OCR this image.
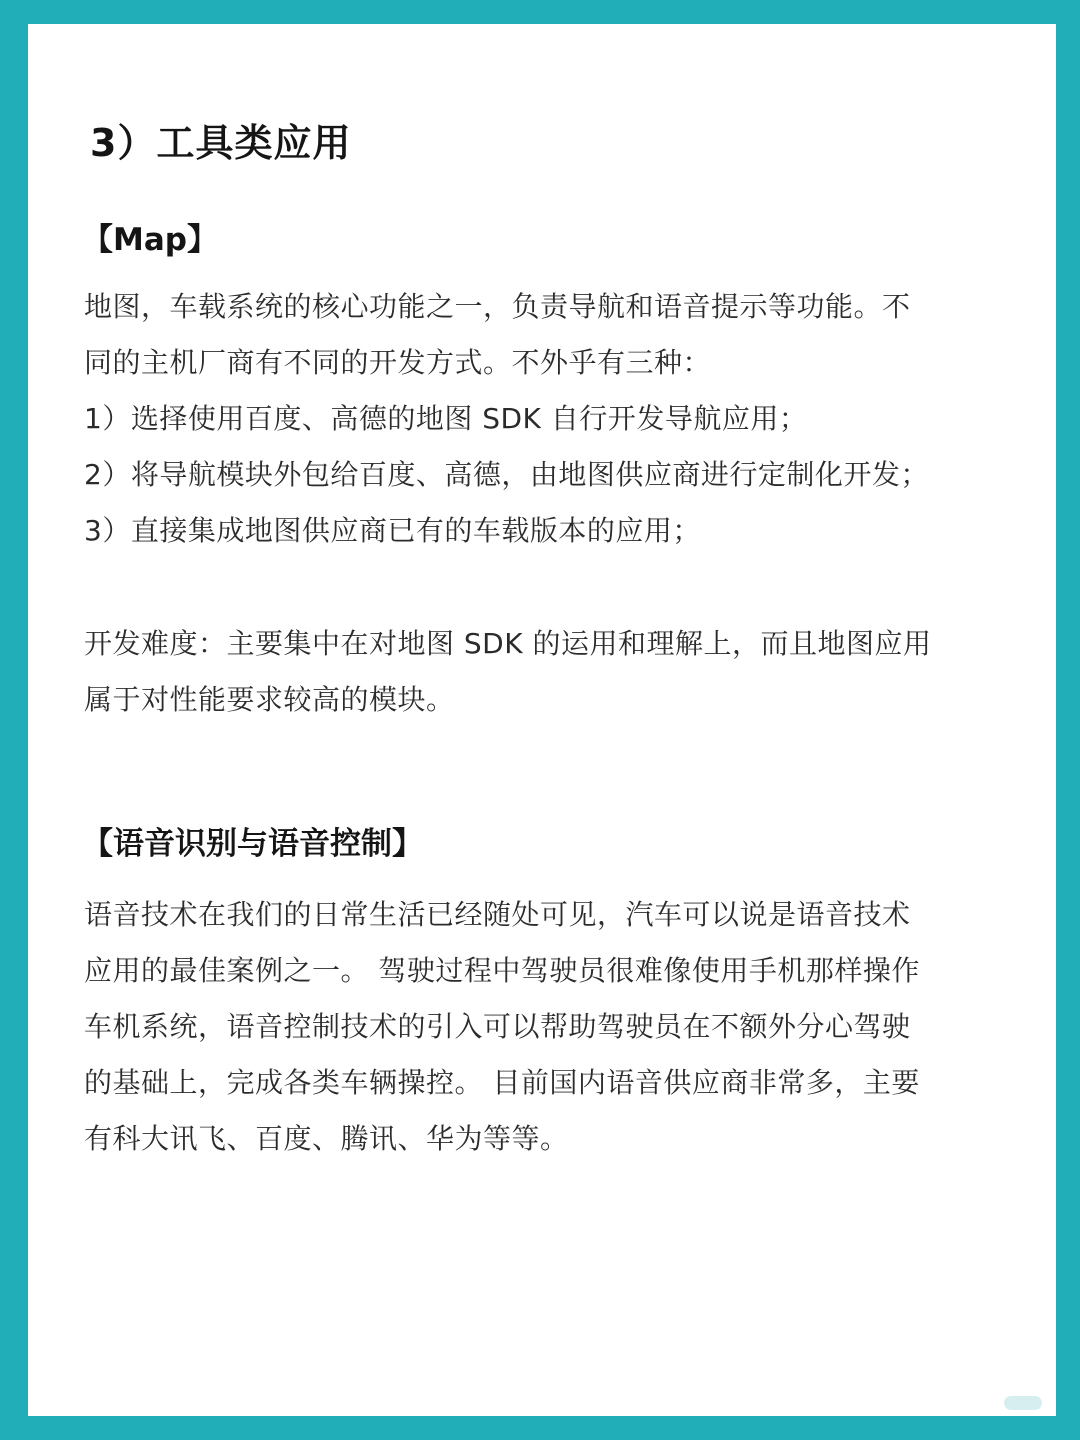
3）工具类应用
【Map】
地图，车载系统的核心功能之一，负责导航和语音提示等功能。不
同的主机厂商有不同的开发方式。不外乎有三种：
1）选择使用百度、高德的地图 SDK 自行开发导航应用；
2）将导航模块外包给百度、高德，由地图供应商进行定制化开发；
3）直接集成地图供应商已有的车载版本的应用；
开发难度：主要集中在对地图 SDK 的运用和理解上，而且地图应用
属于对性能要求较高的模块。
【语音识别与语音控制】
语音技术在我们的日常生活已经随处可见，汽车可以说是语音技术
应用的最佳案例之一。 驾驶过程中驾驶员很难像使用手机那样操作
车机系统，语音控制技术的引入可以帮助驾驶员在不额外分心驾驶
的基础上，完成各类车辆操控。 目前国内语音供应商非常多，主要
有科大讯飞、百度、腾讯、华为等等。
